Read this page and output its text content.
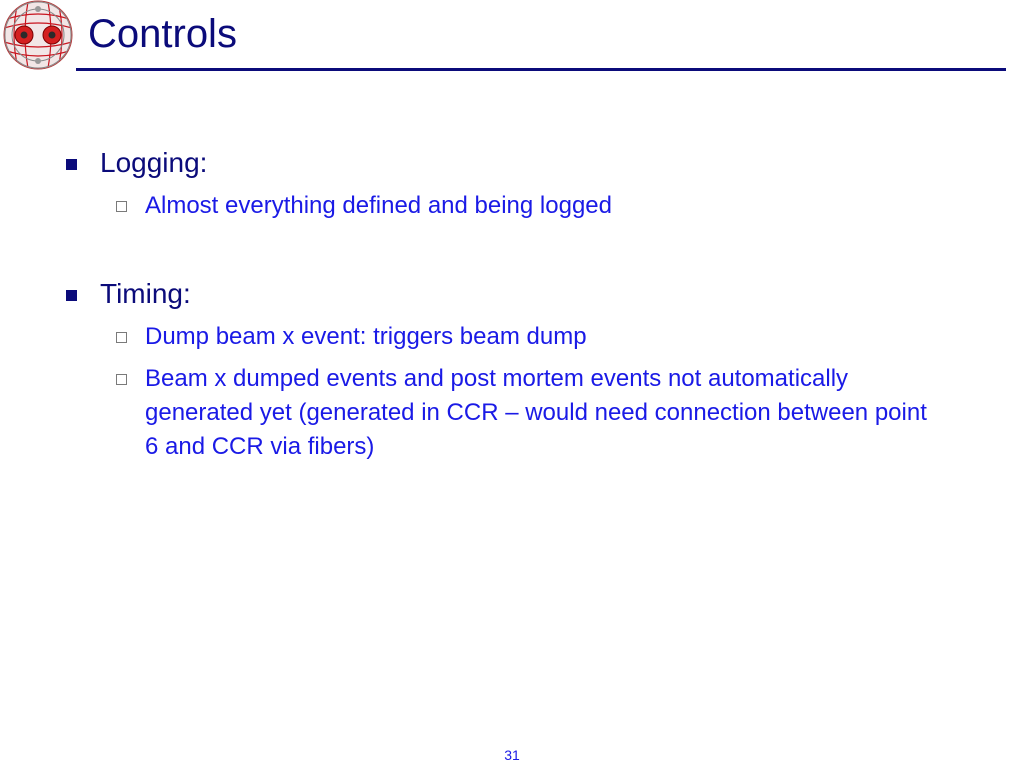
Controls
Logging:
Almost everything defined and being logged
Timing:
Dump beam x event: triggers beam dump
Beam x dumped events and post mortem events not automatically generated yet (generated in CCR – would need connection between point 6 and CCR via fibers)
31
